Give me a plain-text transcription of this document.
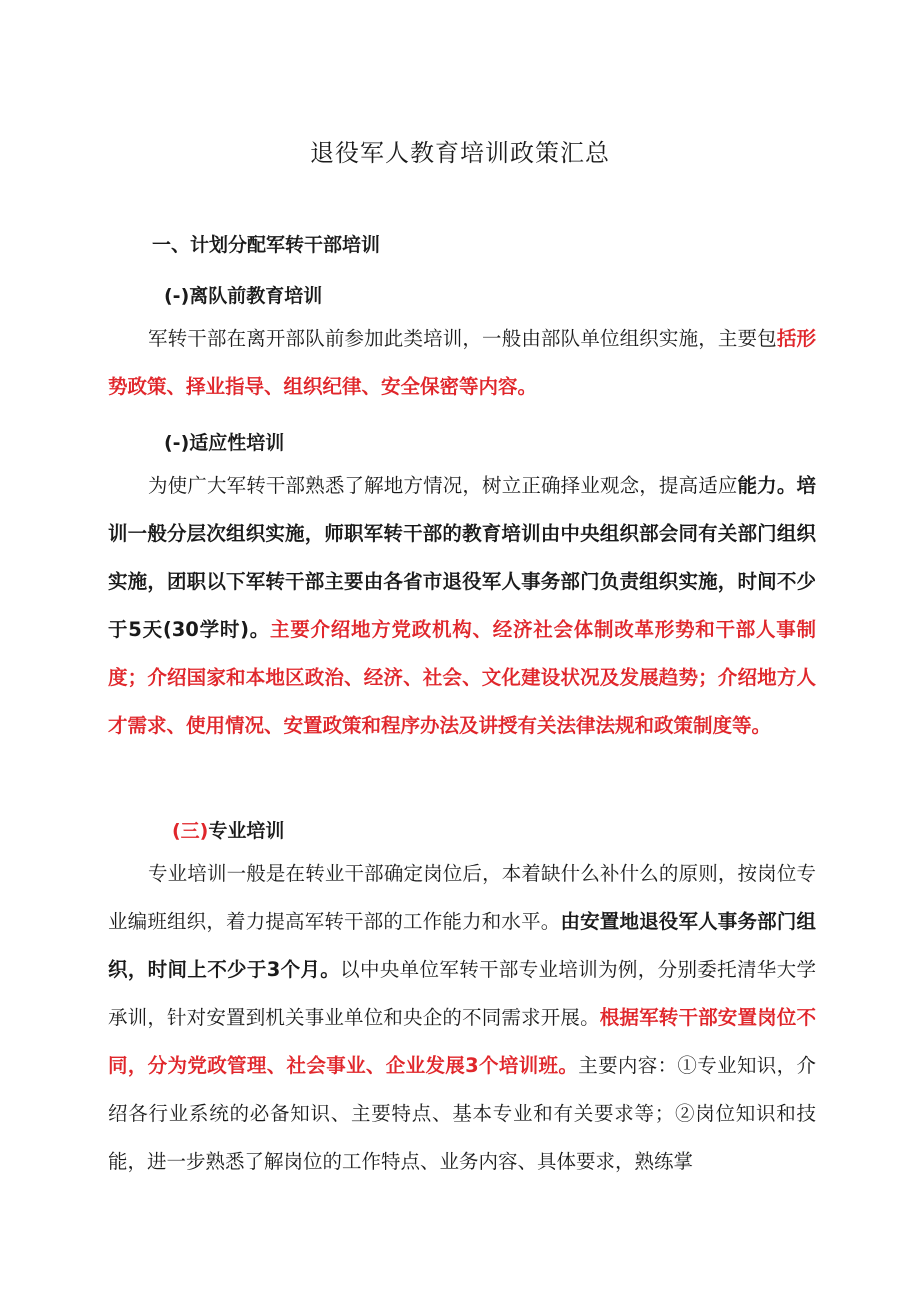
退役军人教育培训政策汇总
一、计划分配军转干部培训
(-)离队前教育培训

军转干部在离开部队前参加此类培训，一般由部队单位组织实施，主要包括形势政策、择业指导、组织纪律、安全保密等内容。

(-)适应性培训

为使广大军转干部熟悉了解地方情况，树立正确择业观念，提高适应能力。培训一般分层次组织实施，师职军转干部的教育培训由中央组织部会同有关部门组织实施，团职以下军转干部主要由各省市退役军人事务部门负责组织实施，时间不少于5天(30学时)。主要介绍地方党政机构、经济社会体制改革形势和干部人事制度；介绍国家和本地区政治、经济、社会、文化建设状况及发展趋势；介绍地方人才需求、使用情况、安置政策和程序办法及讲授有关法律法规和政策制度等。

(三)专业培训

专业培训一般是在转业干部确定岗位后，本着缺什么补什么的原则，按岗位专业编班组织，着力提高军转干部的工作能力和水平。由安置地退役军人事务部门组织，时间上不少于3个月。以中央单位军转干部专业培训为例，分别委托清华大学承训，针对安置到机关事业单位和央企的不同需求开展。根据军转干部安置岗位不同，分为党政管理、社会事业、企业发展3个培训班。主要内容：①专业知识，介绍各行业系统的必备知识、主要特点、基本专业和有关要求等；②岗位知识和技能，进一步熟悉了解岗位的工作特点、业务内容、具体要求，熟练掌
